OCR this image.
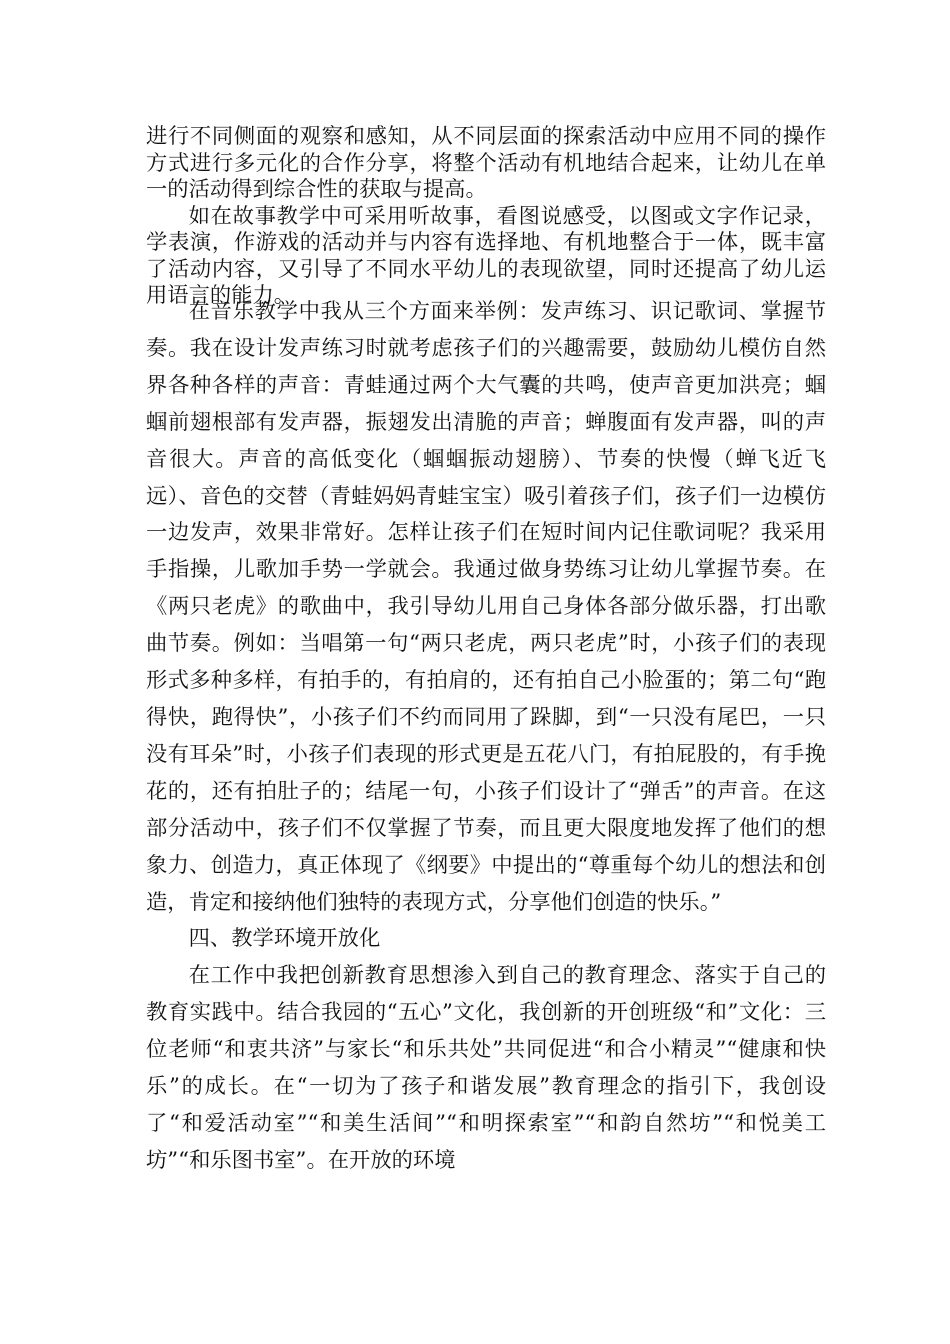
进行不同侧面的观察和感知，从不同层面的探索活动中应用不同的操作方式进行多元化的合作分享，将整个活动有机地结合起来，让幼儿在单一的活动得到综合性的获取与提高。

如在故事教学中可采用听故事，看图说感受，以图或文字作记录，学表演，作游戏的活动并与内容有选择地、有机地整合于一体，既丰富了活动内容，又引导了不同水平幼儿的表现欲望，同时还提高了幼儿运用语言的能力。

在音乐教学中我从三个方面来举例：发声练习、识记歌词、掌握节奏。我在设计发声练习时就考虑孩子们的兴趣需要，鼓励幼儿模仿自然界各种各样的声音：青蛙通过两个大气囊的共鸣，使声音更加洪亮；蝈蝈前翅根部有发声器，振翅发出清脆的声音；蝉腹面有发声器，叫的声音很大。声音的高低变化（蝈蝈振动翅膀）、节奏的快慢（蝉飞近飞远）、音色的交替（青蛙妈妈青蛙宝宝）吸引着孩子们，孩子们一边模仿一边发声，效果非常好。怎样让孩子们在短时间内记住歌词呢？我采用手指操，儿歌加手势一学就会。我通过做身势练习让幼儿掌握节奏。在《两只老虎》的歌曲中，我引导幼儿用自己身体各部分做乐器，打出歌曲节奏。例如：当唱第一句“两只老虎，两只老虎”时，小孩子们的表现形式多种多样，有拍手的，有拍肩的，还有拍自己小脸蛋的；第二句“跑得快，跑得快”，小孩子们不约而同用了跺脚，到“一只没有尾巴，一只没有耳朵”时，小孩子们表现的形式更是五花八门，有拍屁股的，有手挽花的，还有拍肚子的；结尾一句，小孩子们设计了“弹舌”的声音。在这部分活动中，孩子们不仅掌握了节奏，而且更大限度地发挥了他们的想象力、创造力，真正体现了《纲要》中提出的“尊重每个幼儿的想法和创造，肯定和接纳他们独特的表现方式，分享他们创造的快乐。”

四、教学环境开放化

在工作中我把创新教育思想渗入到自己的教育理念、落实于自己的教育实践中。结合我园的“五心”文化，我创新的开创班级“和”文化：三位老师“和衷共济”与家长“和乐共处”共同促进“和合小精灵”“健康和快乐”的成长。在“一切为了孩子和谐发展”教育理念的指引下，我创设了“和爱活动室”“和美生活间”“和明探索室”“和韵自然坊”“和悦美工坊”“和乐图书室”。在开放的环境
